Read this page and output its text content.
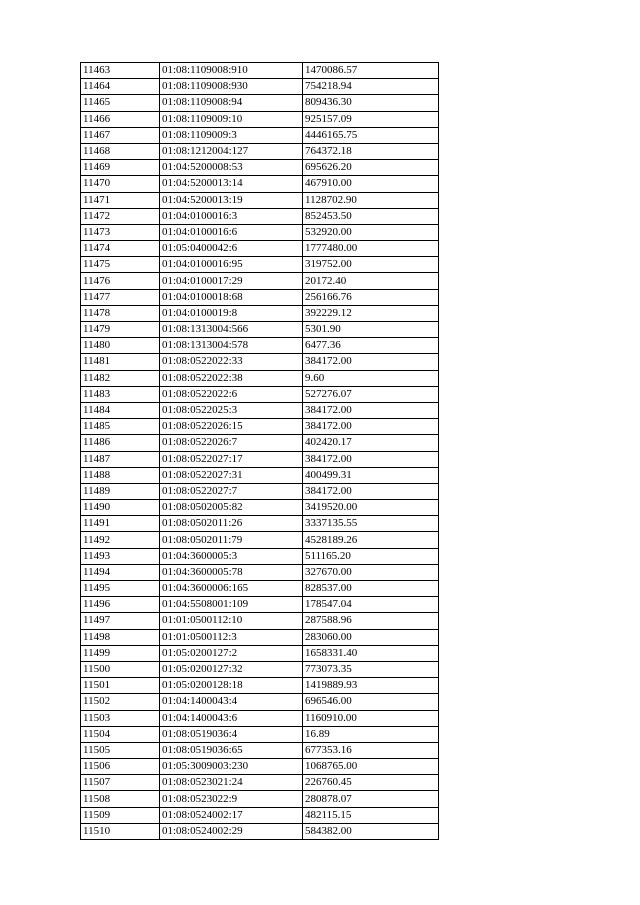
11463	01:08:1109008:910	1470086.57
11464	01:08:1109008:930	754218.94
11465	01:08:1109008:94	809436.30
11466	01:08:1109009:10	925157.09
11467	01:08:1109009:3	4446165.75
11468	01:08:1212004:127	764372.18
11469	01:04:5200008:53	695626.20
11470	01:04:5200013:14	467910.00
11471	01:04:5200013:19	1128702.90
11472	01:04:0100016:3	852453.50
11473	01:04:0100016:6	532920.00
11474	01:05:0400042:6	1777480.00
11475	01:04:0100016:95	319752.00
11476	01:04:0100017:29	20172.40
11477	01:04:0100018:68	256166.76
11478	01:04:0100019:8	392229.12
11479	01:08:1313004:566	5301.90
11480	01:08:1313004:578	6477.36
11481	01:08:0522022:33	384172.00
11482	01:08:0522022:38	9.60
11483	01:08:0522022:6	527276.07
11484	01:08:0522025:3	384172.00
11485	01:08:0522026:15	384172.00
11486	01:08:0522026:7	402420.17
11487	01:08:0522027:17	384172.00
11488	01:08:0522027:31	400499.31
11489	01:08:0522027:7	384172.00
11490	01:08:0502005:82	3419520.00
11491	01:08:0502011:26	3337135.55
11492	01:08:0502011:79	4528189.26
11493	01:04:3600005:3	511165.20
11494	01:04:3600005:78	327670.00
11495	01:04:3600006:165	828537.00
11496	01:04:5508001:109	178547.04
11497	01:01:0500112:10	287588.96
11498	01:01:0500112:3	283060.00
11499	01:05:0200127:2	1658331.40
11500	01:05:0200127:32	773073.35
11501	01:05:0200128:18	1419889.93
11502	01:04:1400043:4	696546.00
11503	01:04:1400043:6	1160910.00
11504	01:08:0519036:4	16.89
11505	01:08:0519036:65	677353.16
11506	01:05:3009003:230	1068765.00
11507	01:08:0523021:24	226760.45
11508	01:08:0523022:9	280878.07
11509	01:08:0524002:17	482115.15
11510	01:08:0524002:29	584382.00
